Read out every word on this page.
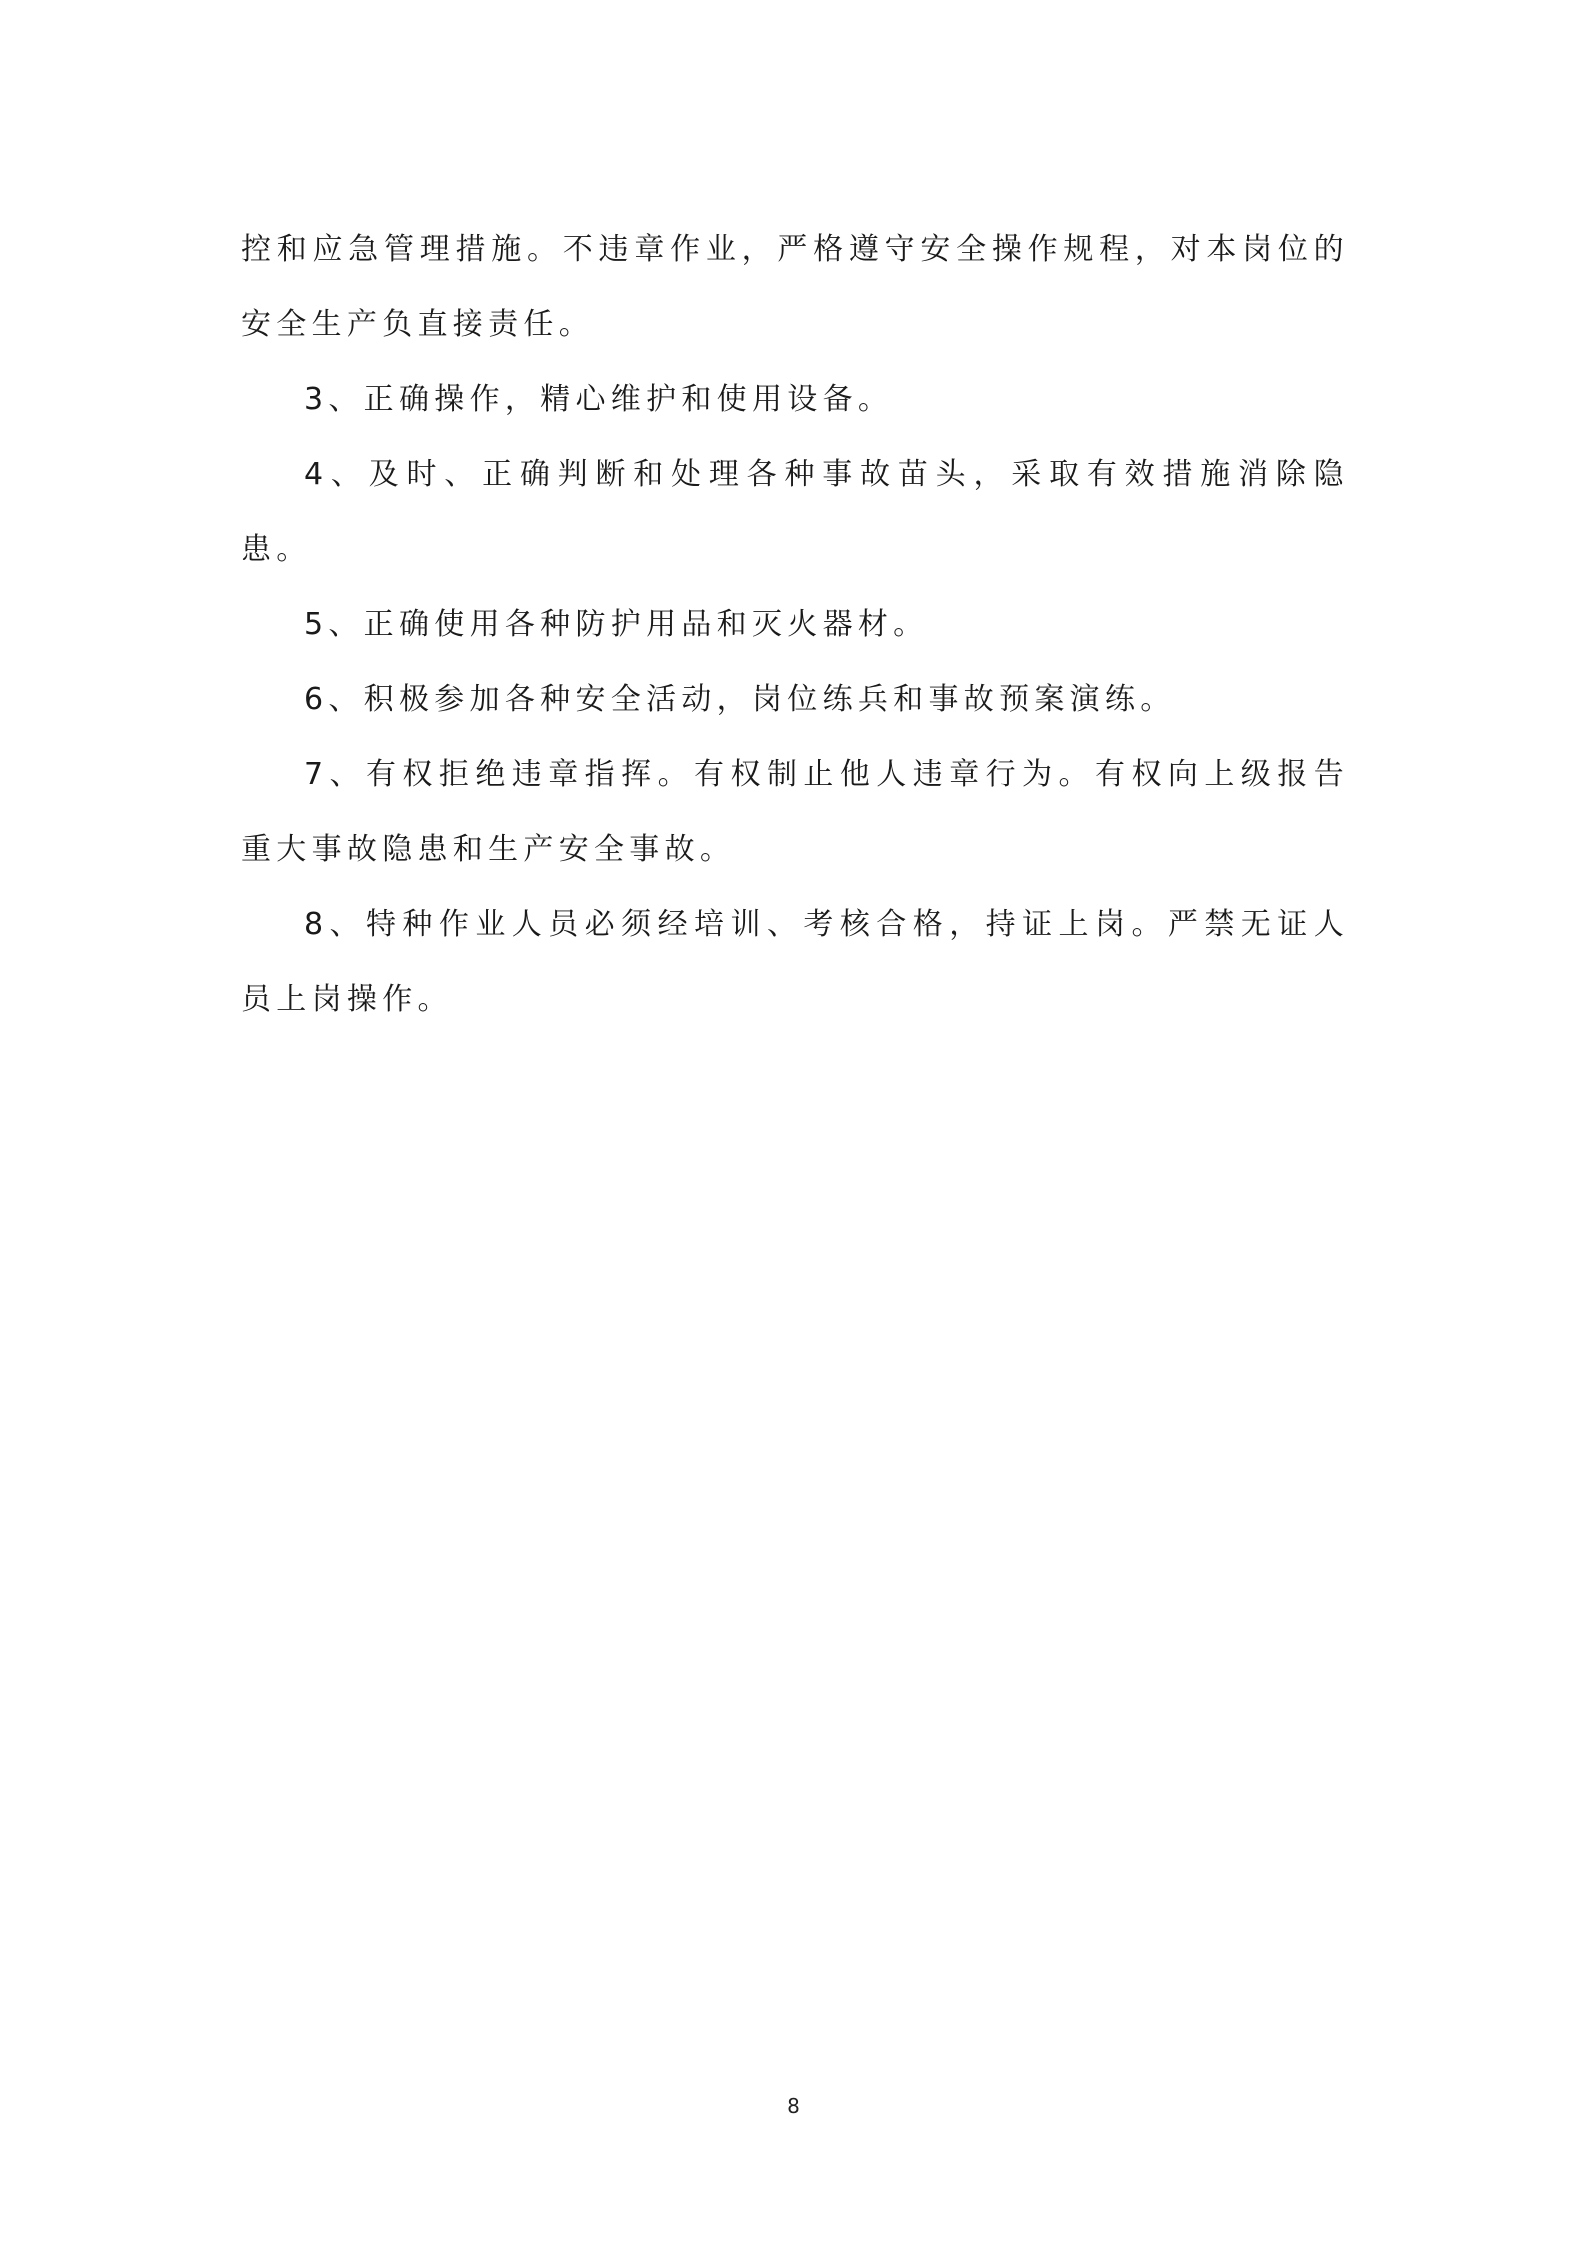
控和应急管理措施。不违章作业，严格遵守安全操作规程，对本岗位的安全生产负直接责任。

3、正确操作，精心维护和使用设备。

4、及时、正确判断和处理各种事故苗头，采取有效措施消除隐患。

5、正确使用各种防护用品和灭火器材。

6、积极参加各种安全活动，岗位练兵和事故预案演练。

7、有权拒绝违章指挥。有权制止他人违章行为。有权向上级报告重大事故隐患和生产安全事故。

8、特种作业人员必须经培训、考核合格，持证上岗。严禁无证人员上岗操作。

8
